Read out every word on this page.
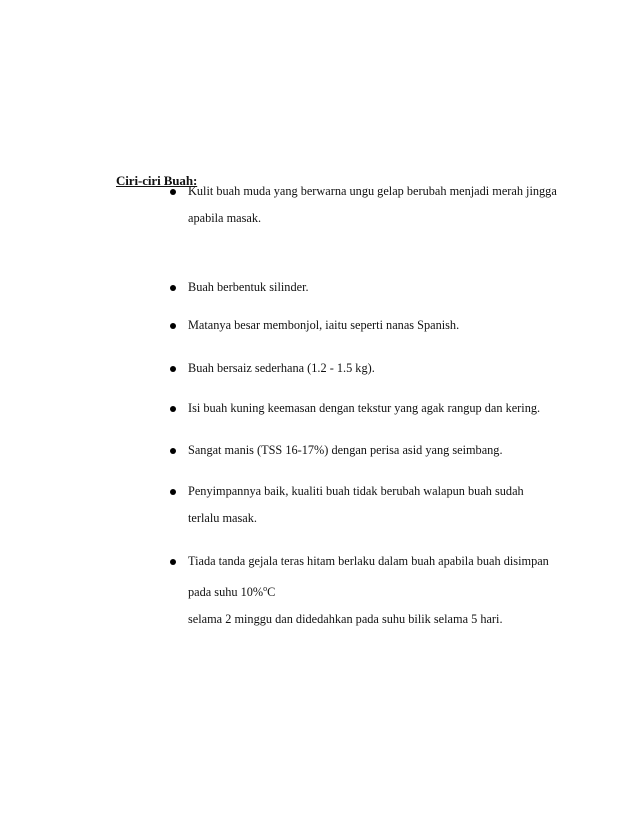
Ciri-ciri Buah:
Kulit buah muda yang berwarna ungu gelap berubah menjadi merah jingga
apabila masak.
Buah berbentuk silinder.
Matanya besar membonjol, iaitu seperti nanas Spanish.
Buah bersaiz sederhana (1.2 - 1.5 kg).
Isi buah kuning keemasan dengan tekstur yang agak rangup dan kering.
Sangat manis (TSS 16-17%) dengan perisa asid yang seimbang.
Penyimpannya baik, kualiti buah tidak berubah walapun buah sudah
terlalu masak.
Tiada tanda gejala teras hitam berlaku dalam buah apabila buah disimpan
pada suhu 10%$^o$C
selama 2 minggu dan didedahkan pada suhu bilik selama 5 hari.
